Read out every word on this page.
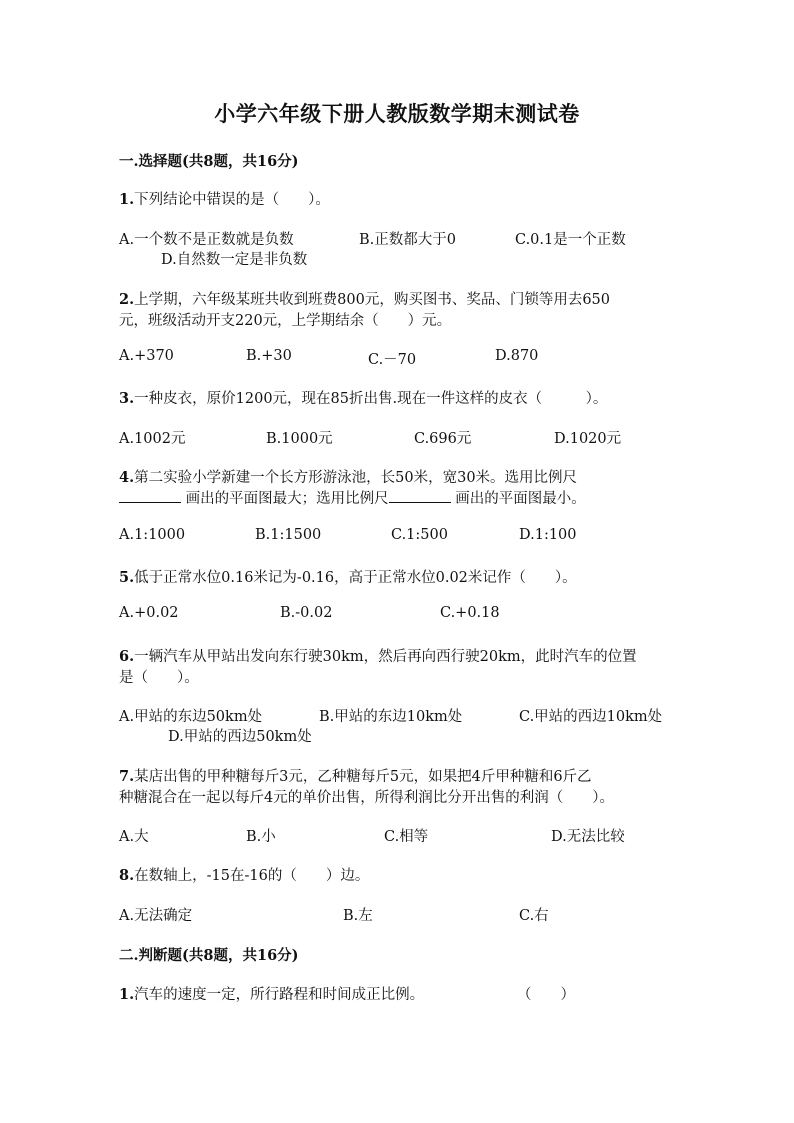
小学六年级下册人教版数学期末测试卷
一.选择题(共8题，共16分)
1.下列结论中错误的是（　　）。
A.一个数不是正数就是负数	B.正数都大于0	C.0.1是一个正数
D.自然数一定是非负数
2.上学期，六年级某班共收到班费800元，购买图书、奖品、门锁等用去650
元，班级活动开支220元，上学期结余（　　）元。
A.+370	B.+30	C.－70	D.870
3.一种皮衣，原价1200元，现在85折出售.现在一件这样的皮衣（　　　）。
A.1002元	B.1000元	C.696元	D.1020元
4.第二实验小学新建一个长方形游泳池，长50米，宽30米。选用比例尺
画出的平面图最大；选用比例尺	画出的平面图最小。
A.1:1000	B.1:1500	C.1:500	D.1:100
5.低于正常水位0.16米记为-0.16，高于正常水位0.02米记作（　　）。
A.+0.02	B.-0.02	C.+0.18
6.一辆汽车从甲站出发向东行驶30km，然后再向西行驶20km，此时汽车的位置
是（　　）。
A.甲站的东边50km处	B.甲站的东边10km处	C.甲站的西边10km处
D.甲站的西边50km处
7.某店出售的甲种糖每斤3元，乙种糖每斤5元，如果把4斤甲种糖和6斤乙
种糖混合在一起以每斤4元的单价出售，所得利润比分开出售的利润（　　）。
A.大	B.小	C.相等	D.无法比较
8.在数轴上，-15在-16的（　　）边。
A.无法确定	B.左	C.右
二.判断题(共8题，共16分)
1.汽车的速度一定，所行路程和时间成正比例。	（　　）
